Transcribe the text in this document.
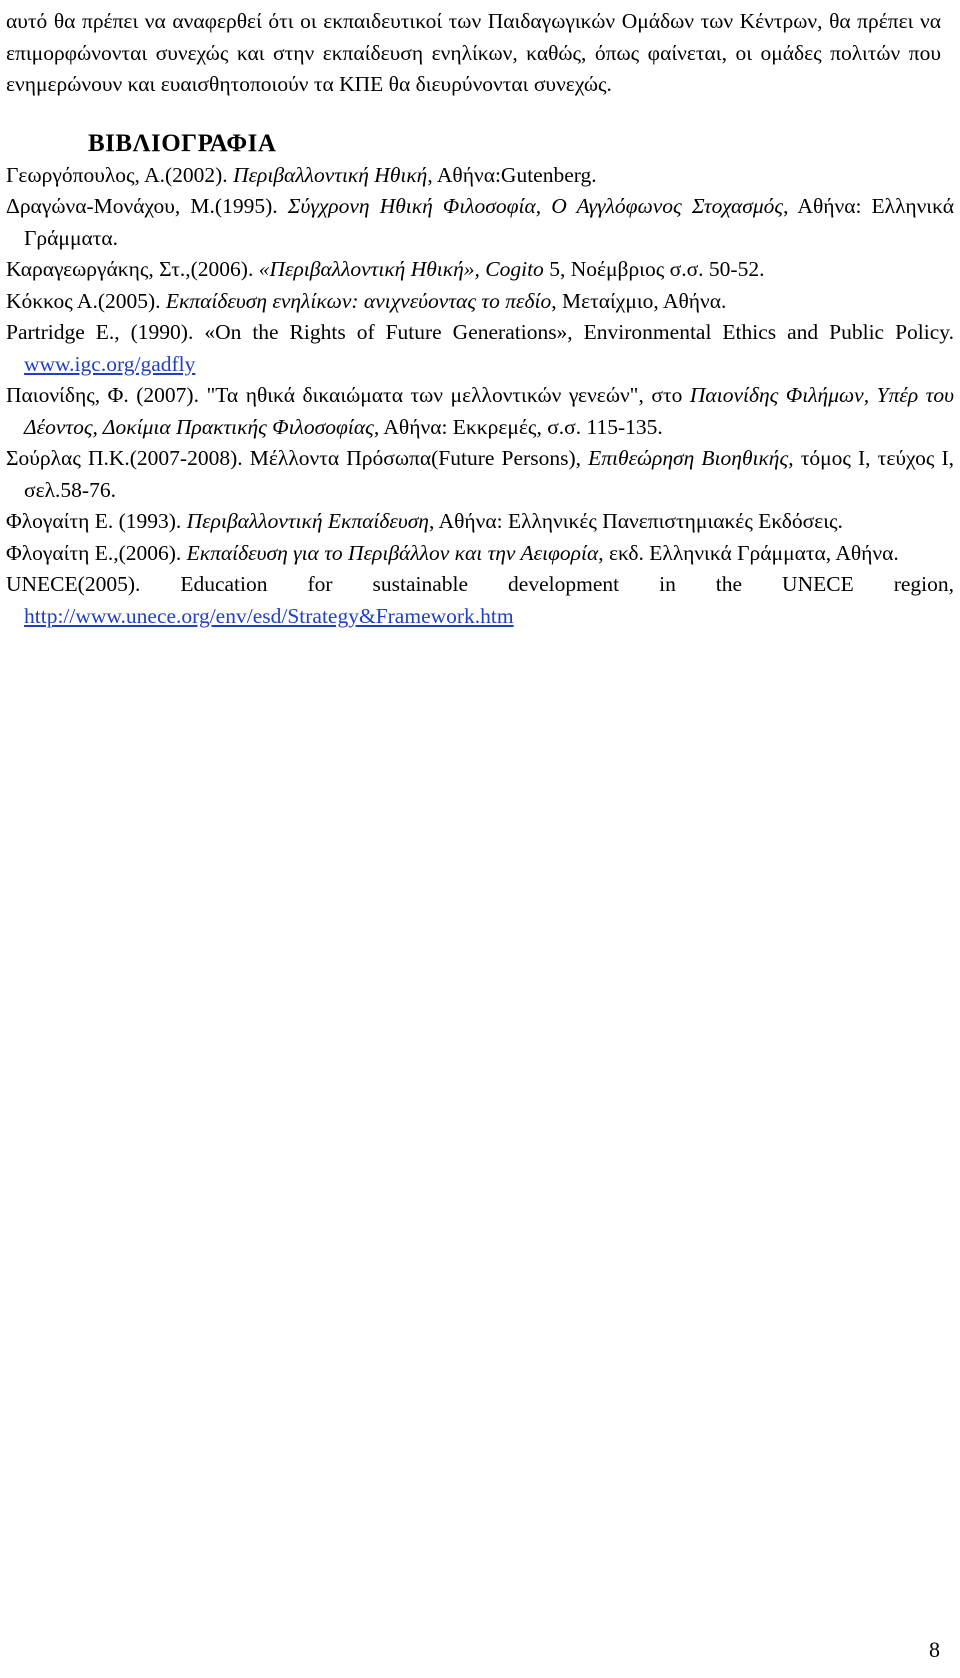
αυτό θα πρέπει να αναφερθεί ότι οι εκπαιδευτικοί των Παιδαγωγικών Ομάδων των Κέντρων, θα πρέπει να επιμορφώνονται συνεχώς και στην εκπαίδευση ενηλίκων, καθώς, όπως φαίνεται, οι ομάδες πολιτών που ενημερώνουν και ευαισθητοποιούν τα ΚΠΕ θα διευρύνονται συνεχώς.

ΒΙΒΛΙΟΓΡΑΦΙΑ

Γεωργόπουλος, Α.(2002). Περιβαλλοντική Ηθική, Αθήνα:Gutenberg.

Δραγώνα-Μονάχου, Μ.(1995). Σύγχρονη Ηθική Φιλοσοφία, Ο Αγγλόφωνος Στοχασμός, Αθήνα: Ελληνικά Γράμματα.

Καραγεωργάκης, Στ.,(2006). «Περιβαλλοντική Ηθική», Cogito 5, Νοέμβριος σ.σ. 50-52.

Κόκκος Α.(2005). Εκπαίδευση ενηλίκων: ανιχνεύοντας το πεδίο, Μεταίχμιο, Αθήνα.

Partridge E., (1990). «On the Rights of Future Generations», Environmental Ethics and Public Policy. www.igc.org/gadfly

Παιονίδης, Φ. (2007). "Τα ηθικά δικαιώματα των μελλοντικών γενεών", στο Παιονίδης Φιλήμων, Υπέρ του Δέοντος, Δοκίμια Πρακτικής Φιλοσοφίας, Αθήνα: Εκκρεμές, σ.σ. 115-135.

Σούρλας Π.Κ.(2007-2008). Μέλλοντα Πρόσωπα(Future Persons), Επιθεώρηση Βιοηθικής, τόμος Ι, τεύχος Ι, σελ.58-76.

Φλογαίτη Ε. (1993). Περιβαλλοντική Εκπαίδευση, Αθήνα: Ελληνικές Πανεπιστημιακές Εκδόσεις.

Φλογαίτη Ε.,(2006). Εκπαίδευση για το Περιβάλλον και την Αειφορία, εκδ. Ελληνικά Γράμματα, Αθήνα.

UNECE(2005). Education for sustainable development in the UNECE region, http://www.unece.org/env/esd/Strategy&Framework.htm

8
